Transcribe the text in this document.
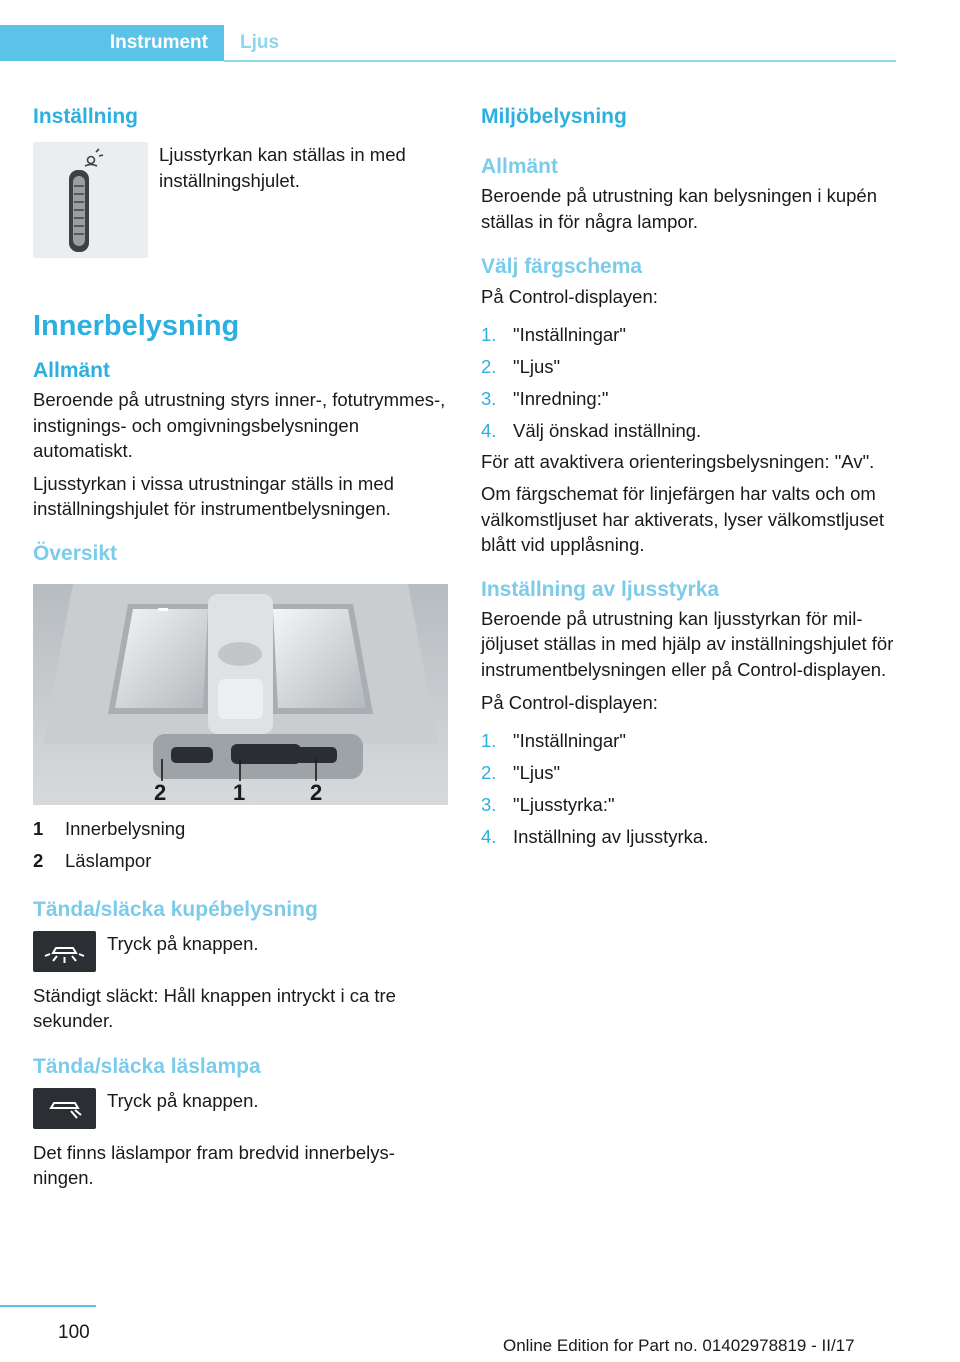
Instrument Ljus
Inställning

Ljusstyrkan kan ställas in med inställningshjulet.

Innerbelysning
Allmänt

Beroende på utrustning styrs inner-, fotutrymmes-, instignings- och omgivningsbelysningen automatiskt.

Ljusstyrkan i vissa utrustningar ställs in med inställningshjulet för instrumentbelysningen.

Översikt
2	1	2
1	Innerbelysning
2	Läslampor
Tända/släcka kupébelysning

Tryck på knappen.

Ständigt släckt: Håll knappen intryckt i ca tre sekunder.

Tända/släcka läslampa

Tryck på knappen.

Det finns läslampor fram bredvid innerbelysningen.

Miljöbelysning
Allmänt

Beroende på utrustning kan belysningen i kupén ställas in för några lampor.

Välj färgschema

På Control-displayen:

1. "Inställningar"
2. "Ljus"
3. "Inredning:"
4. Välj önskad inställning.

För att avaktivera orienteringsbelysningen: "Av".

Om färgschemat för linjefärgen har valts och om välkomstljuset har aktiverats, lyser välkomstljuset blått vid upplåsning.

Inställning av ljusstyrka

Beroende på utrustning kan ljusstyrkan för miljöljuset ställas in med hjälp av inställningshjulet för instrumentbelysningen eller på Control-displayen.

På Control-displayen:

1. "Inställningar"
2. "Ljus"
3. "Ljusstyrka:"
4. Inställning av ljusstyrka.
100
Online Edition for Part no. 01402978819 - II/17
